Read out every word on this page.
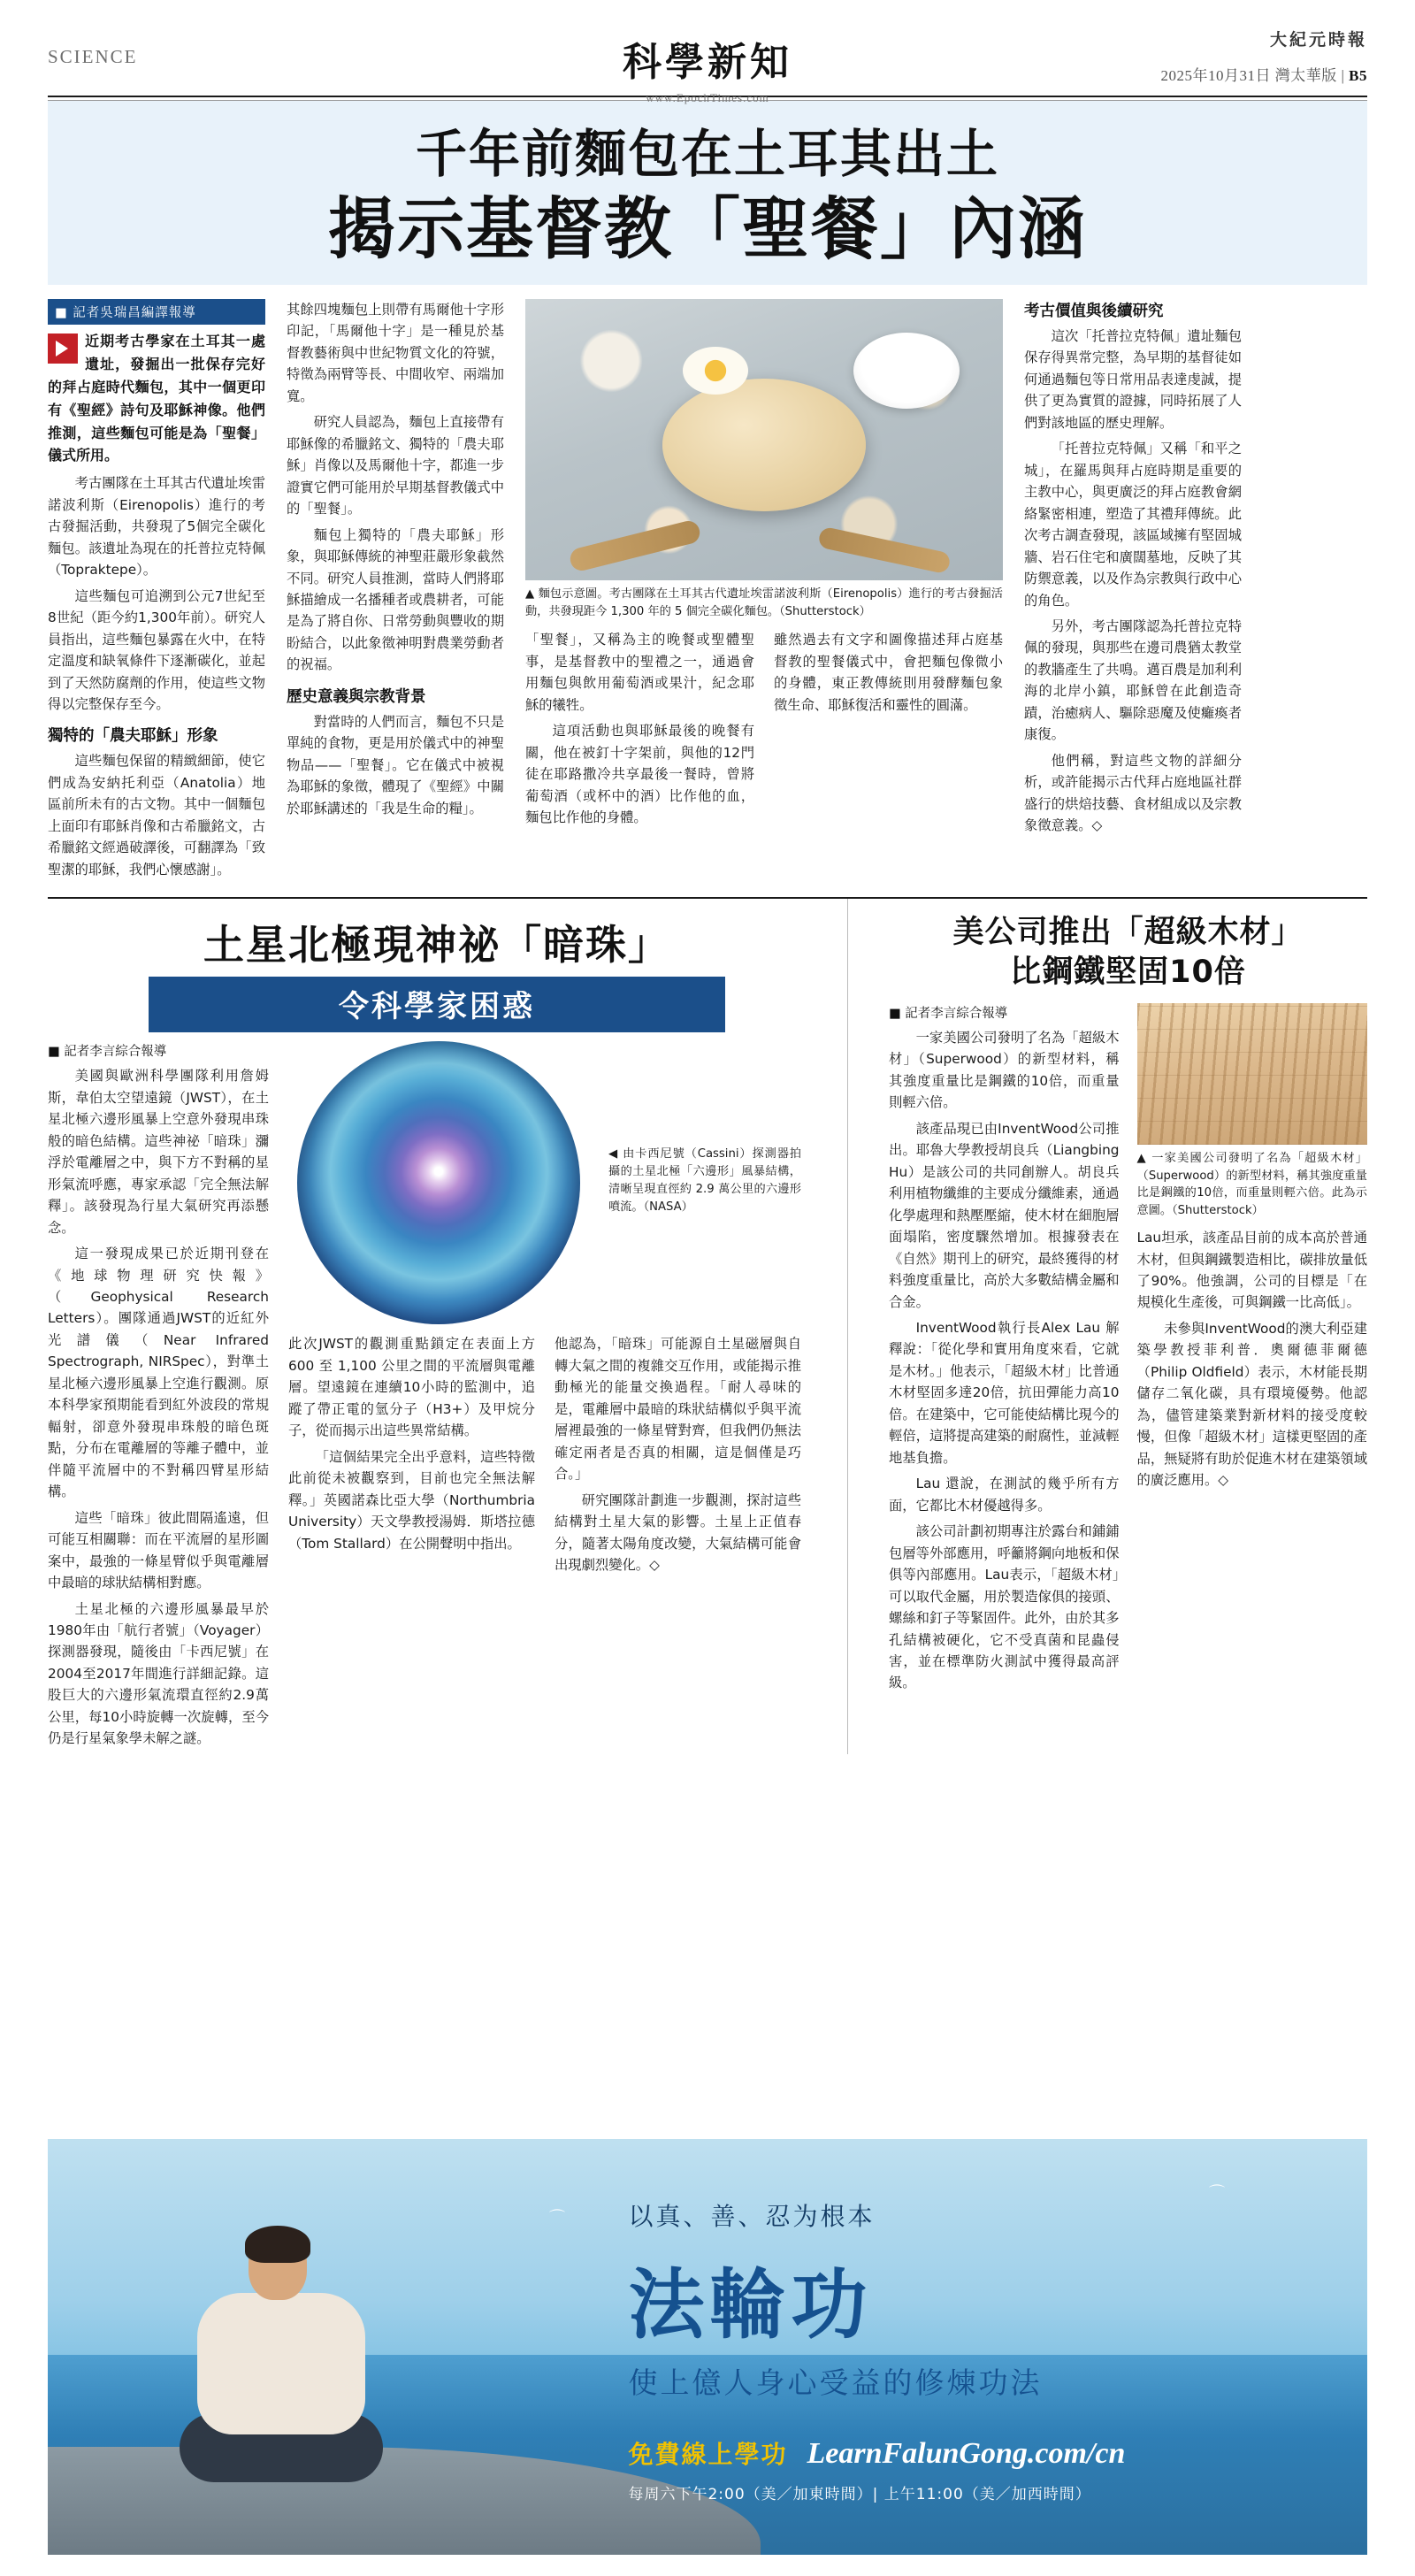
SCIENCE	科學新知
www.EpochTimes.com
大紀元時報
2025年10月31日 灣太華版 | B5
千年前麵包在土耳其出土
揭示基督教「聖餐」內涵
■ 記者吳瑞昌編譯報導
近期考古學家在土耳其一處遺址，發掘出一批保存完好的拜占庭時代麵包，其中一個更印有《聖經》詩句及耶穌神像。他們推測，這些麵包可能是為「聖餐」儀式所用。

考古團隊在土耳其古代遺址埃雷諾波利斯（Eirenopolis）進行的考古發掘活動，共發現了5個完全碳化麵包。該遺址為現在的托普拉克特佩（Topraktepe）。

這些麵包可追溯到公元7世紀至8世紀（距今約1,300年前）。研究人員指出，這些麵包暴露在火中，在特定溫度和缺氧條件下逐漸碳化，並起到了天然防腐劑的作用，使這些文物得以完整保存至今。

獨特的「農夫耶穌」形象

這些麵包保留的精緻細節，使它們成為安納托利亞（Anatolia）地區前所未有的古文物。其中一個麵包上面印有耶穌肖像和古希臘銘文，古希臘銘文經過破譯後，可翻譯為「致聖潔的耶穌，我們心懷感謝」。

其餘四塊麵包上則帶有馬爾他十字形印記，「馬爾他十字」是一種見於基督教藝術與中世紀物質文化的符號，特徵為兩臂等長、中間收窄、兩端加寬。

研究人員認為，麵包上直接帶有耶穌像的希臘銘文、獨特的「農夫耶穌」肖像以及馬爾他十字，都進一步證實它們可能用於早期基督教儀式中的「聖餐」。

麵包上獨特的「農夫耶穌」形象，與耶穌傳統的神聖莊嚴形象截然不同。研究人員推測，當時人們將耶穌描繪成一名播種者或農耕者，可能是為了將自你、日常勞動與豐收的期盼結合，以此象徵神明對農業勞動者的祝福。

歷史意義與宗教背景

對當時的人們而言，麵包不只是單純的食物，更是用於儀式中的神聖物品——「聖餐」。它在儀式中被視為耶穌的象徵，體現了《聖經》中關於耶穌講述的「我是生命的糧」。

▲ 麵包示意圖。考古團隊在土耳其古代遺址埃雷諾波利斯（Eirenopolis）進行的考古發掘活動，共發現距今 1,300 年的 5 個完全碳化麵包。（Shutterstock）

「聖餐」，又稱為主的晚餐或聖體聖事，是基督教中的聖禮之一，通過會用麵包與飲用葡萄酒或果汁，紀念耶穌的犧牲。

這項活動也與耶穌最後的晚餐有關，他在被釘十字架前，與他的12門徒在耶路撒冷共享最後一餐時，曾將葡萄酒（或杯中的酒）比作他的血，麵包比作他的身體。

雖然過去有文字和圖像描述拜占庭基督教的聖餐儀式中，會把麵包像微小的身體，東正教傳統則用發酵麵包象徵生命、耶穌復活和靈性的圓滿。

考古價值與後續研究

這次「托普拉克特佩」遺址麵包保存得異常完整，為早期的基督徒如何通過麵包等日常用品表達虔誠，提供了更為實質的證據，同時拓展了人們對該地區的歷史理解。

「托普拉克特佩」又稱「和平之城」，在羅馬與拜占庭時期是重要的主教中心，與更廣泛的拜占庭教會網絡緊密相連，塑造了其禮拜傳統。此次考古調查發現，該區域擁有堅固城牆、岩石住宅和廣闊墓地，反映了其防禦意義，以及作為宗教與行政中心的角色。

另外，考古團隊認為托普拉克特佩的發現，與那些在邊司農猶太教堂的教牆產生了共鳴。邁百農是加利利海的北岸小鎮，耶穌曾在此創造奇蹟，治癒病人、驅除惡魔及使癱瘓者康復。

他們稱，對這些文物的詳細分析，或許能揭示古代拜占庭地區社群盛行的烘焙技藝、食材組成以及宗教象徵意義。◇

土星北極現神祕「暗珠」
令科學家困惑
■ 記者李言綜合報導

美國與歐洲科學團隊利用詹姆斯，韋伯太空望遠鏡（JWST），在土星北極六邊形風暴上空意外發現串珠般的暗色結構。這些神祕「暗珠」瀰浮於電離層之中，與下方不對稱的星形氣流呼應，專家承認「完全無法解釋」。該發現為行星大氣研究再添懸念。

這一發現成果已於近期刊登在《地球物理研究快報》（Geophysical Research Letters）。團隊通過JWST的近紅外光譜儀（Near Infrared Spectrograph, NIRSpec），對準土星北極六邊形風暴上空進行觀測。原本科學家預期能看到紅外波段的常規輻射，卻意外發現串珠般的暗色斑點，分布在電離層的等離子體中，並伴隨平流層中的不對稱四臂星形結構。

這些「暗珠」彼此間隔遙遠，但可能互相關聯：而在平流層的星形圖案中，最強的一條星臂似乎與電離層中最暗的球狀結構相對應。

土星北極的六邊形風暴最早於1980年由「航行者號」（Voyager）探測器發現，隨後由「卡西尼號」在2004至2017年間進行詳細記錄。這股巨大的六邊形氣流環直徑約2.9萬公里，每10小時旋轉一次旋轉，至今仍是行星氣象學未解之謎。

◀ 由卡西尼號（Cassini）探測器拍攝的土星北極「六邊形」風暴結構，清晰呈現直徑約 2.9 萬公里的六邊形噴流。（NASA）

此次JWST的觀測重點鎖定在表面上方 600 至 1,100 公里之間的平流層與電離層。望遠鏡在連續10小時的監測中，追蹤了帶正電的氫分子（H3+）及甲烷分子，從而揭示出這些異常結構。

「這個結果完全出乎意料，這些特徵此前從未被觀察到，目前也完全無法解釋。」英國諾森比亞大學（Northumbria University）天文學教授湯姆．斯塔拉德（Tom Stallard）在公開聲明中指出。

他認為，「暗珠」可能源自土星磁層與自轉大氣之間的複雜交互作用，或能揭示推動極光的能量交換過程。「耐人尋味的是，電離層中最暗的珠狀結構似乎與平流層裡最強的一條星臂對齊，但我們仍無法確定兩者是否真的相關，這是個僅是巧合。」

研究團隊計劃進一步觀測，探討這些結構對土星大氣的影響。土星上正值春分，隨著太陽角度改變，大氣結構可能會出現劇烈變化。◇

美公司推出「超級木材」
比鋼鐵堅固10倍
■ 記者李言綜合報導

一家美國公司發明了名為「超級木材」（Superwood）的新型材料，稱其強度重量比是鋼鐵的10倍，而重量則輕六倍。

該產品現已由InventWood公司推出。耶魯大學教授胡良兵（Liangbing Hu）是該公司的共同創辦人。胡良兵利用植物纖維的主要成分纖維素，通過化學處理和熱壓壓縮，使木材在細胞層面塌陷，密度驟然增加。根據發表在《自然》期刊上的研究，最終獲得的材料強度重量比，高於大多數結構金屬和合金。

InventWood執行長Alex Lau 解釋說：「從化學和實用角度來看，它就是木材。」他表示，「超級木材」比普通木材堅固多達20倍，抗田彈能力高10倍。在建築中，它可能使結構比現今的輕倍，這將提高建築的耐腐性，並減輕地基負擔。

Lau 還說，在測試的幾乎所有方面，它都比木材優越得多。

該公司計劃初期專注於露台和鋪鋪包層等外部應用，呼籲將鋼向地板和保俱等內部應用。Lau表示，「超級木材」可以取代金屬，用於製造傢俱的接頭、螺絲和釘子等緊固件。此外，由於其多孔結構被硬化，它不受真菌和昆蟲侵害，並在標準防火測試中獲得最高評級。

▲ 一家美國公司發明了名為「超級木材」（Superwood）的新型材料，稱其強度重量比是鋼鐵的10倍，而重量則輕六倍。此為示意圖。（Shutterstock）

Lau坦承，該產品目前的成本高於普通木材，但與鋼鐵製造相比，碳排放量低了90%。他強調，公司的目標是「在規模化生產後，可與鋼鐵一比高低」。

未參與InventWood的澳大利亞建築學教授菲利普．奧爾德菲爾德（Philip Oldfield）表示，木材能長期儲存二氧化碳，具有環境優勢。他認為，儘管建築業對新材料的接受度較慢，但像「超級木材」這樣更堅固的產品，無疑將有助於促進木材在建築領域的廣泛應用。◇

⌒
⌒
以真、善、忍为根本
法輪功
使上億人身心受益的修煉功法
免費線上學功 LearnFalunGong.com/cn
每周六下午2:00（美／加東時間）| 上午11:00（美／加西時間）
